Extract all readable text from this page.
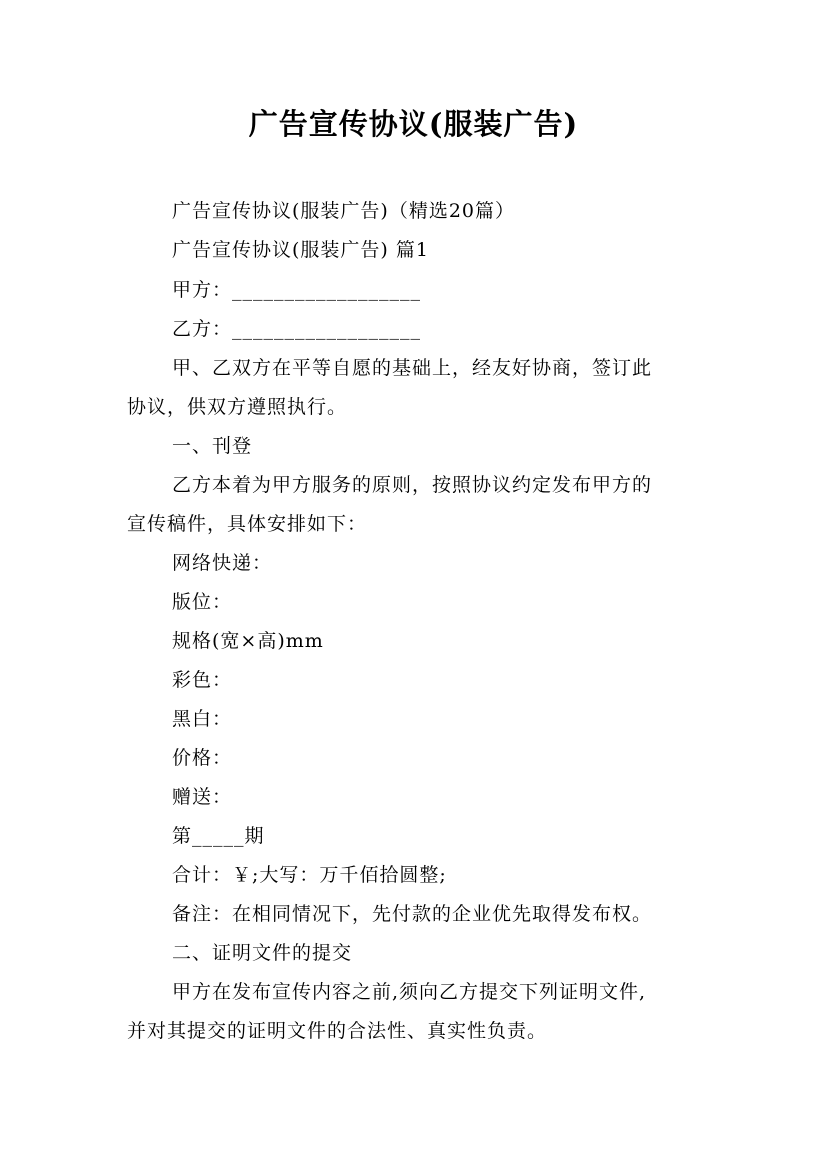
广告宣传协议(服装广告)
广告宣传协议(服装广告)（精选20篇）
广告宣传协议(服装广告) 篇1
甲方：__________________
乙方：__________________
甲、乙双方在平等自愿的基础上，经友好协商，签订此
协议，供双方遵照执行。
一、刊登
乙方本着为甲方服务的原则，按照协议约定发布甲方的
宣传稿件，具体安排如下：
网络快递：
版位：
规格(宽×高)mm
彩色：
黑白：
价格：
赠送：
第_____期
合计：￥;大写：万千佰拾圆整;
备注：在相同情况下，先付款的企业优先取得发布权。
二、证明文件的提交
甲方在发布宣传内容之前,须向乙方提交下列证明文件,
并对其提交的证明文件的合法性、真实性负责。
